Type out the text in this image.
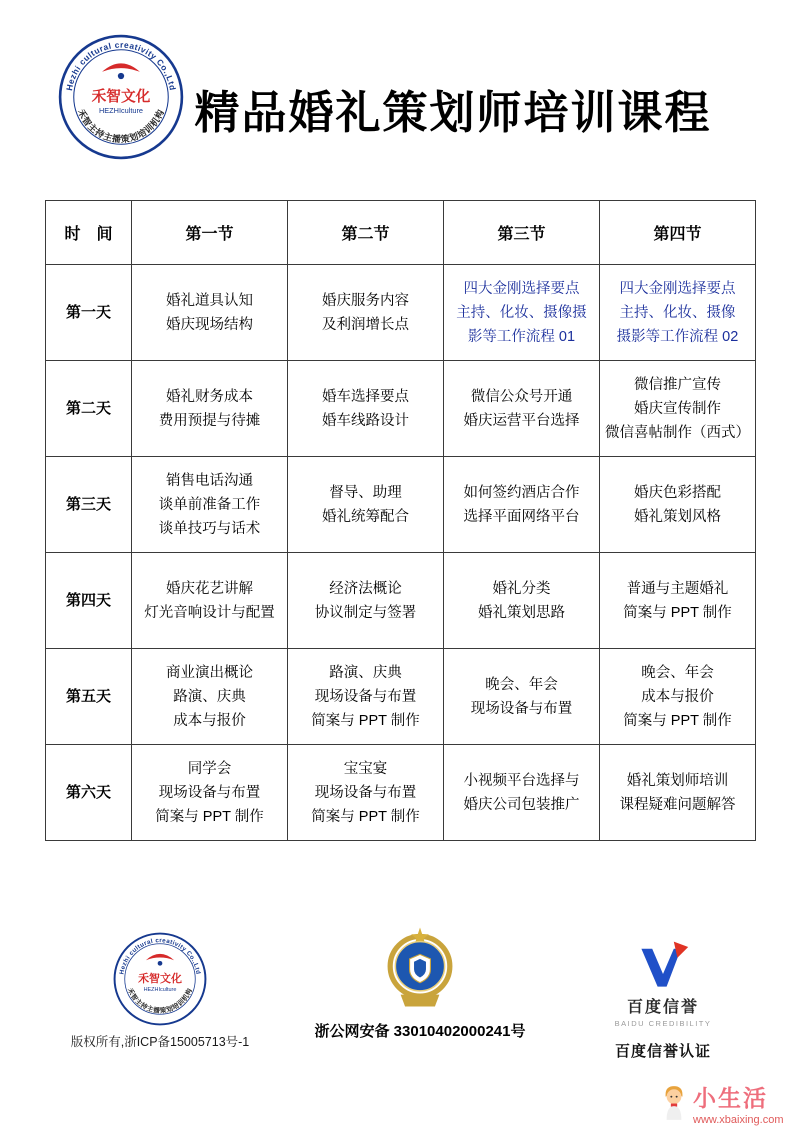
Hezhi cultural creativity Co.,Ltd
禾智文化
HEZHIculture
禾智主持主播策划培训机构 精品婚礼策划师培训课程
时　间	第一节	第二节	第三节	第四节
第一天	
婚礼道具认知
婚庆现场结构

婚庆服务内容
及利润增长点

四大金刚选择要点
主持、化妆、摄像摄
影等工作流程 01

四大金刚选择要点
主持、化妆、摄像
摄影等工作流程 02

第二天	
婚礼财务成本
费用预提与待摊

婚车选择要点
婚车线路设计

微信公众号开通
婚庆运营平台选择

微信推广宣传
婚庆宣传制作
微信喜帖制作（西式）

第三天	
销售电话沟通
谈单前准备工作
谈单技巧与话术

督导、助理
婚礼统筹配合

如何签约酒店合作
选择平面网络平台

婚庆色彩搭配
婚礼策划风格

第四天	
婚庆花艺讲解
灯光音响设计与配置

经济法概论
协议制定与签署

婚礼分类
婚礼策划思路

普通与主题婚礼
简案与 PPT 制作

第五天	
商业演出概论
路演、庆典
成本与报价

路演、庆典
现场设备与布置
简案与 PPT 制作

晚会、年会
现场设备与布置

晚会、年会
成本与报价
简案与 PPT 制作

第六天	
同学会
现场设备与布置
简案与 PPT 制作

宝宝宴
现场设备与布置
简案与 PPT 制作

小视频平台选择与
婚庆公司包装推广

婚礼策划师培训
课程疑难问题解答
Hezhi cultural creativity Co.,Ltd
禾智文化
HEZHIculture
禾智主持主播策划培训机构
版权所有,浙ICP备15005713号-1
浙公网安备 33010402000241号
百度信誉
BAIDU CREDIBILITY
百度信誉认证
小生活
www.xbaixing.com
